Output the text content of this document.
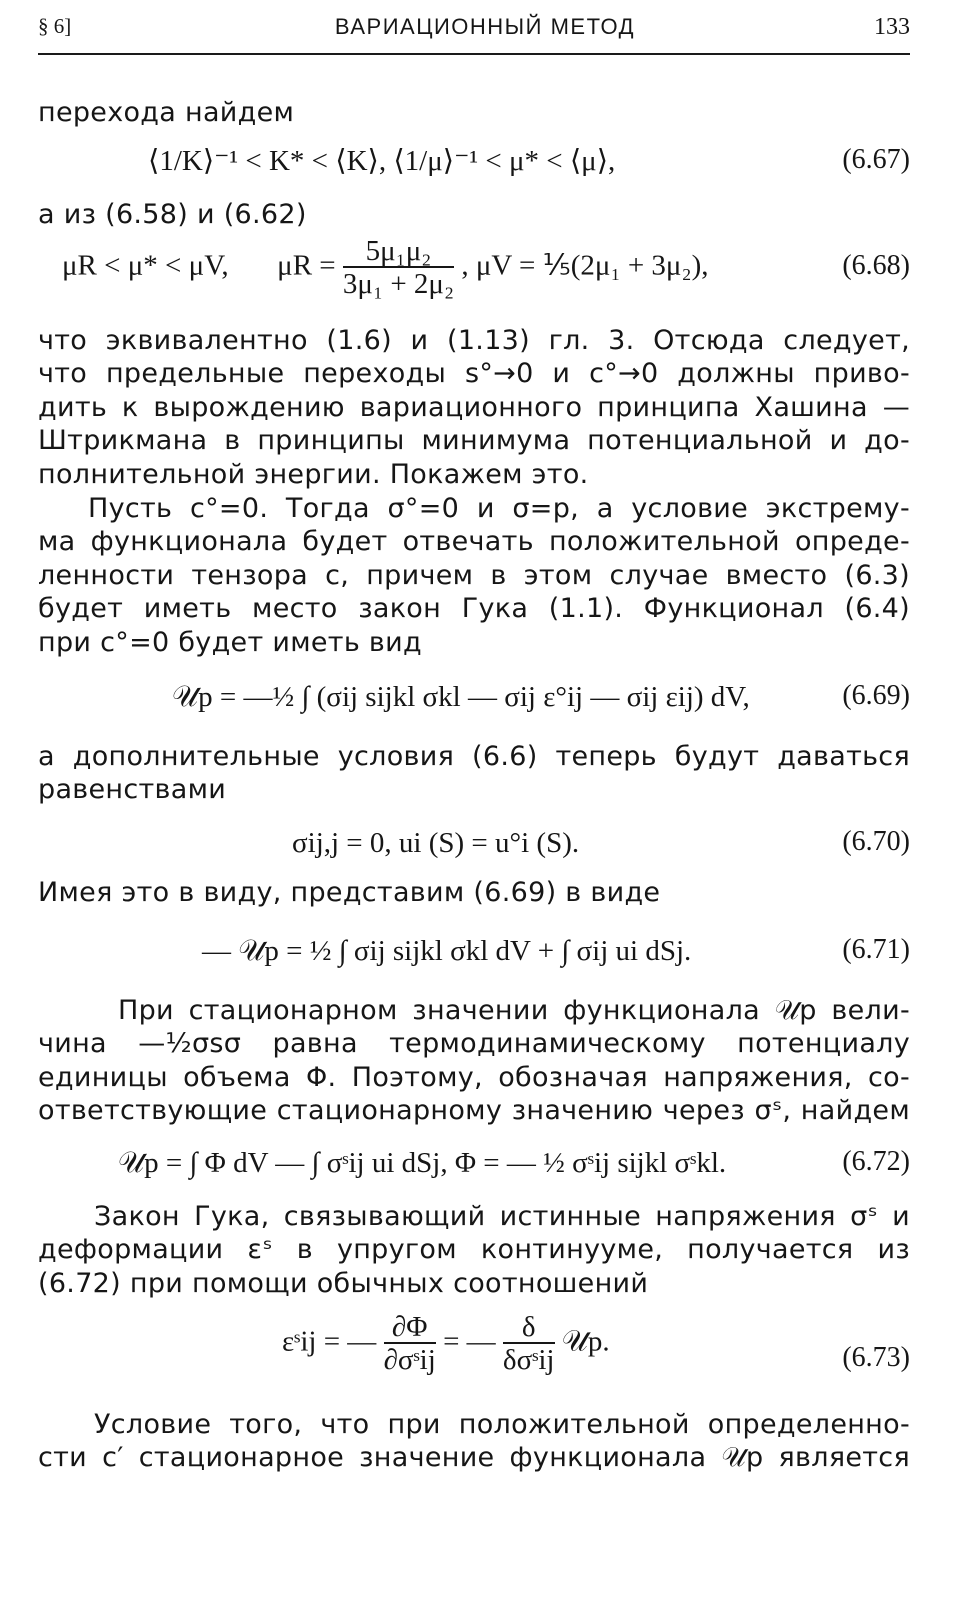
§ 6]	ВАРИАЦИОННЫЙ МЕТОД	133
перехода найдем
⟨1/K⟩⁻¹ < K* < ⟨K⟩, ⟨1/μ⟩⁻¹ < μ* < ⟨μ⟩,	(6.67)
а из (6.58) и (6.62)
μR < μ* < μV, $\mu R = \frac{\text{5μ₁μ₂}}{\text{3μ₁ + 2μ₂}}$ , μV = ⅕(2μ₁ + 3μ₂),	(6.68)
что эквивалентно (1.6) и (1.13) гл. 3. Отсюда следует,
что предельные переходы s°→0 и c°→0 должны приво-
дить к вырождению вариационного принципа Хашина —
Штрикмана в принципы минимума потенциальной и до-
полнительной энергии. Покажем это.
Пусть c°=0. Тогда σ°=0 и σ=p, а условие экстрему-
ма функционала будет отвечать положительной опреде-
ленности тензора c, причем в этом случае вместо (6.3)
будет иметь место закон Гука (1.1). Функционал (6.4)
при c°=0 будет иметь вид
𝒰p = —½ ∫ (σij sijkl σkl — σij ε°ij — σij εij) dV,	(6.69)
а дополнительные условия (6.6) теперь будут даваться
равенствами
σij,j = 0, ui (S) = u°i (S).	(6.70)
Имея это в виду, представим (6.69) в виде
— 𝒰p = ½ ∫ σij sijkl σkl dV + ∫ σij ui dSj.	(6.71)
При стационарном значении функционала 𝒰p вели-
чина —½σsσ равна термодинамическому потенциалу
единицы объема Φ. Поэтому, обозначая напряжения, со-
ответствующие стационарному значению через σˢ, найдем
𝒰p = ∫ Φ dV — ∫ σˢij ui dSj, Φ = — ½ σˢij sijkl σˢkl.	(6.72)
Закон Гука, связывающий истинные напряжения σˢ и
деформации εˢ в упругом континууме, получается из
(6.72) при помощи обычных соотношений
εˢij = — $\frac{\partial\Phi}{\text{∂σˢij}}$ = — $\frac{\delta}{\text{δσˢij}}$ 𝒰p.	(6.73)
Условие того, что при положительной определенно-
сти c′ стационарное значение функционала 𝒰p является
